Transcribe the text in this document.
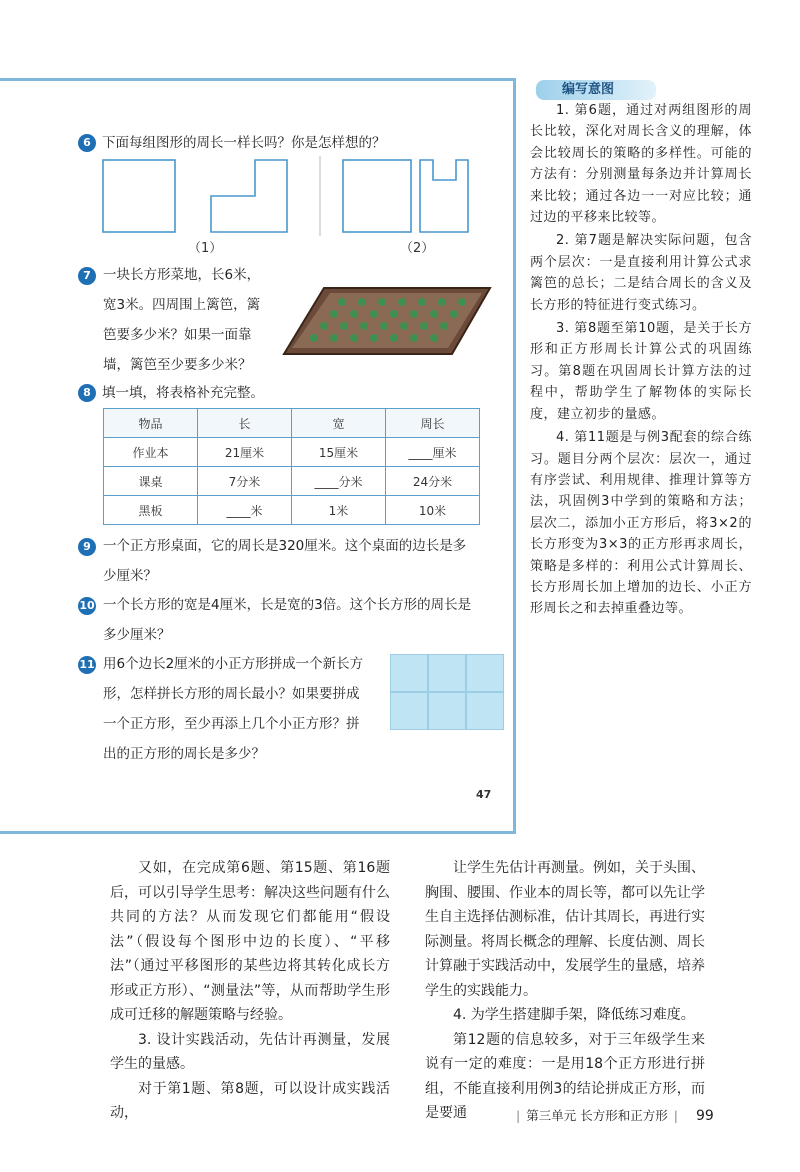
6 下面每组图形的周长一样长吗？你是怎样想的？
（1）	（2）
7 一块长方形菜地，长6米，
宽3米。四周围上篱笆，篱
笆要多少米？如果一面靠
墙，篱笆至少要多少米？
8 填一填，将表格补充完整。
物品	长	宽	周长
作业本	21厘米	15厘米	____厘米
课桌	7分米	____分米	24分米
黑板	____米	1米	10米
9 一个正方形桌面，它的周长是320厘米。这个桌面的边长是多
少厘米？
10 一个长方形的宽是4厘米，长是宽的3倍。这个长方形的周长是
多少厘米？
11 用6个边长2厘米的小正方形拼成一个新长方
形，怎样拼长方形的周长最小？如果要拼成
一个正方形，至少再添上几个小正方形？拼
出的正方形的周长是多少？
47
编写意图

1. 第6题，通过对两组图形的周长比较，深化对周长含义的理解，体会比较周长的策略的多样性。可能的方法有：分别测量每条边并计算周长来比较；通过各边一一对应比较；通过边的平移来比较等。

2. 第7题是解决实际问题，包含两个层次：一是直接利用计算公式求篱笆的总长；二是结合周长的含义及长方形的特征进行变式练习。

3. 第8题至第10题，是关于长方形和正方形周长计算公式的巩固练习。第8题在巩固周长计算方法的过程中，帮助学生了解物体的实际长度，建立初步的量感。

4. 第11题是与例3配套的综合练习。题目分两个层次：层次一，通过有序尝试、利用规律、推理计算等方法，巩固例3中学到的策略和方法；层次二，添加小正方形后，将3×2的长方形变为3×3的正方形再求周长，策略是多样的：利用公式计算周长、长方形周长加上增加的边长、小正方形周长之和去掉重叠边等。

又如，在完成第6题、第15题、第16题后，可以引导学生思考：解决这些问题有什么共同的方法？从而发现它们都能用“假设法”（假设每个图形中边的长度）、“平移法”（通过平移图形的某些边将其转化成长方形或正方形）、“测量法”等，从而帮助学生形成可迁移的解题策略与经验。

3. 设计实践活动，先估计再测量，发展学生的量感。

对于第1题、第8题，可以设计成实践活动，

让学生先估计再测量。例如，关于头围、胸围、腰围、作业本的周长等，都可以先让学生自主选择估测标准，估计其周长，再进行实际测量。将周长概念的理解、长度估测、周长计算融于实践活动中，发展学生的量感，培养学生的实践能力。

4. 为学生搭建脚手架，降低练习难度。

第12题的信息较多，对于三年级学生来说有一定的难度：一是用18个正方形进行拼组，不能直接利用例3的结论拼成正方形，而是要通	| 第三单元 长方形和正方形 | 99
